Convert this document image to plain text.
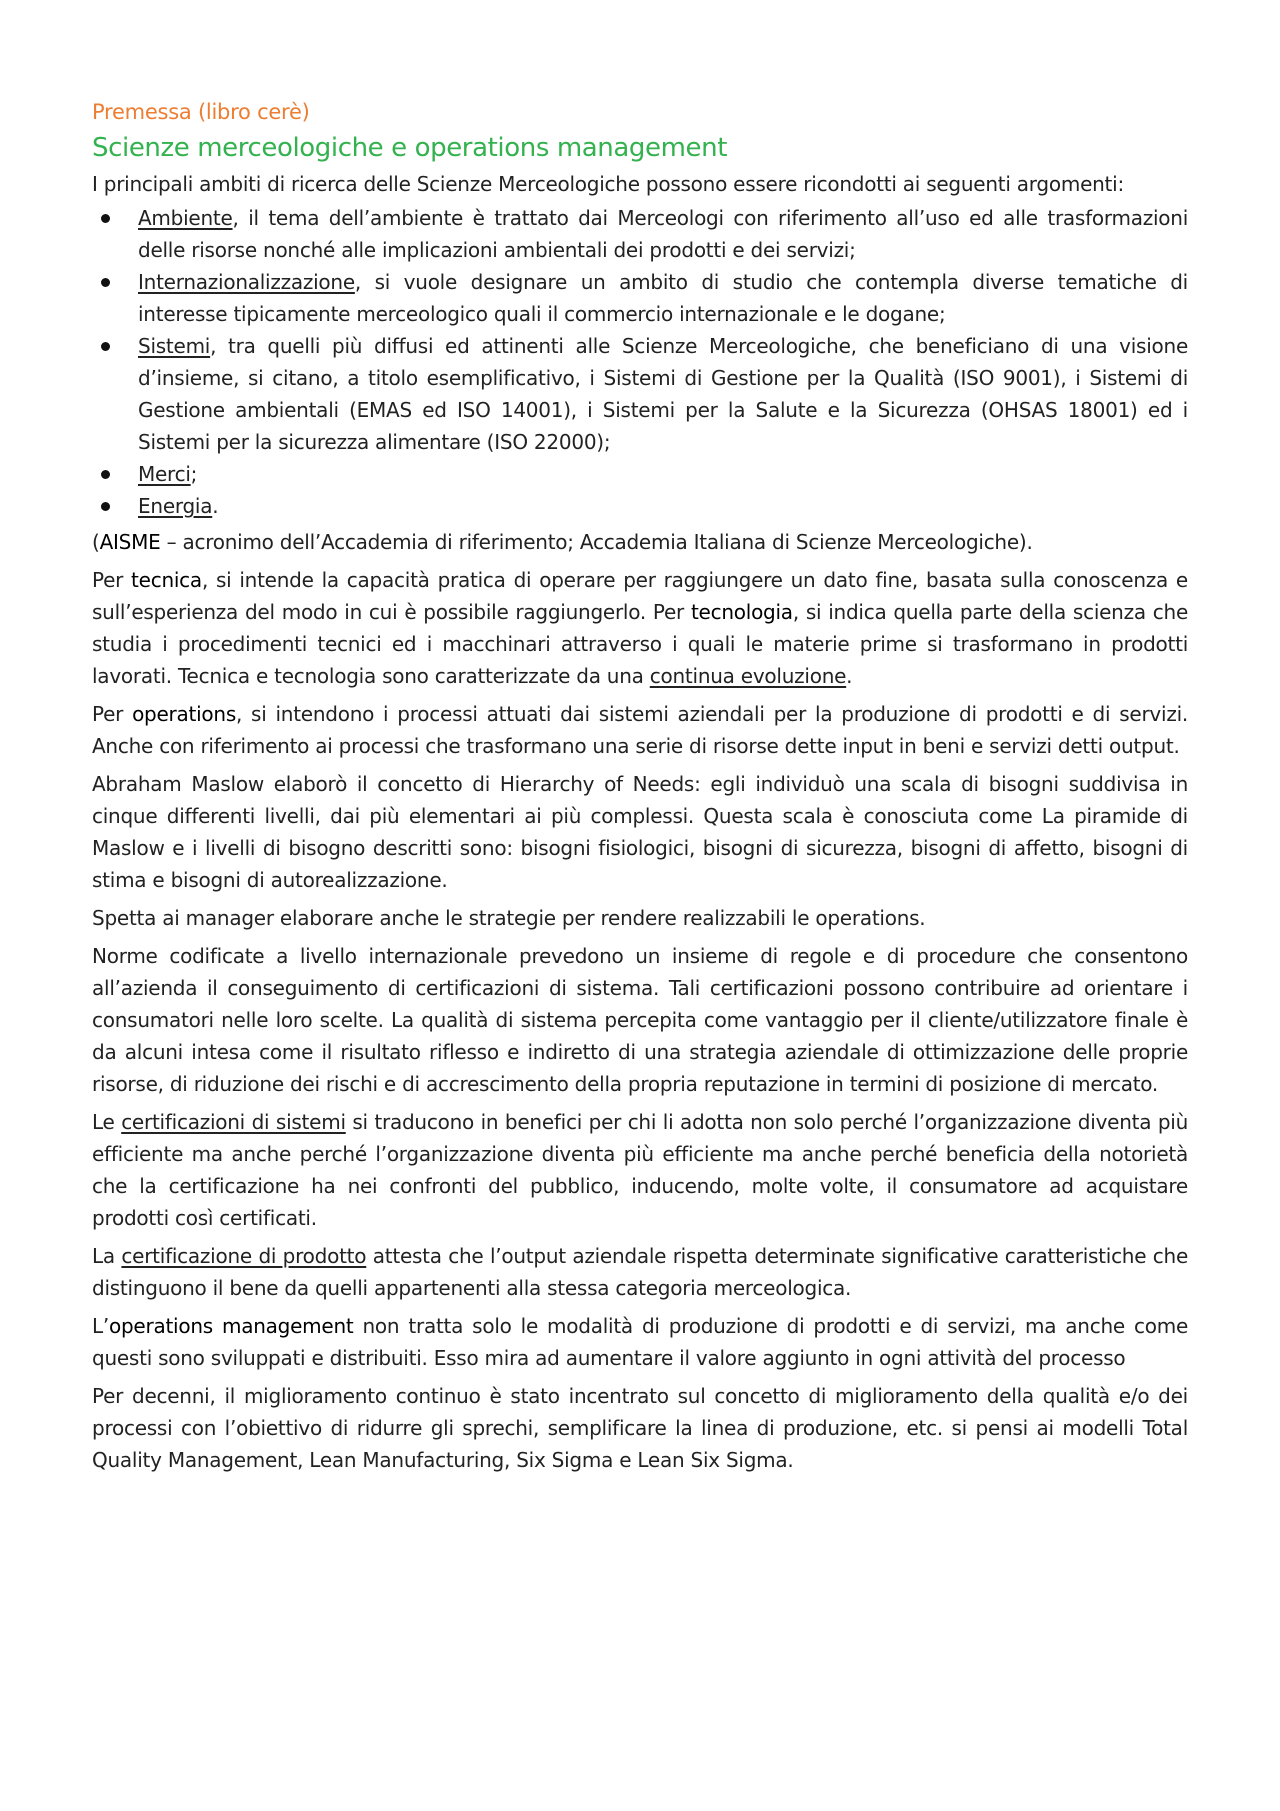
Premessa (libro cerè)
Scienze merceologiche e operations management

I principali ambiti di ricerca delle Scienze Merceologiche possono essere ricondotti ai seguenti argomenti:

Ambiente, il tema dell’ambiente è trattato dai Merceologi con riferimento all’uso ed alle trasformazioni delle risorse nonché alle implicazioni ambientali dei prodotti e dei servizi;
Internazionalizzazione, si vuole designare un ambito di studio che contempla diverse tematiche di interesse tipicamente merceologico quali il commercio internazionale e le dogane;
Sistemi, tra quelli più diffusi ed attinenti alle Scienze Merceologiche, che beneficiano di una visione d’insieme, si citano, a titolo esemplificativo, i Sistemi di Gestione per la Qualità (ISO 9001), i Sistemi di Gestione ambientali (EMAS ed ISO 14001), i Sistemi per la Salute e la Sicurezza (OHSAS 18001) ed i Sistemi per la sicurezza alimentare (ISO 22000);
Merci;
Energia.

(AISME – acronimo dell’Accademia di riferimento; Accademia Italiana di Scienze Merceologiche).

Per tecnica, si intende la capacità pratica di operare per raggiungere un dato fine, basata sulla conoscenza e sull’esperienza del modo in cui è possibile raggiungerlo. Per tecnologia, si indica quella parte della scienza che studia i procedimenti tecnici ed i macchinari attraverso i quali le materie prime si trasformano in prodotti lavorati. Tecnica e tecnologia sono caratterizzate da una continua evoluzione.

Per operations, si intendono i processi attuati dai sistemi aziendali per la produzione di prodotti e di servizi. Anche con riferimento ai processi che trasformano una serie di risorse dette input in beni e servizi detti output.

Abraham Maslow elaborò il concetto di Hierarchy of Needs: egli individuò una scala di bisogni suddivisa in cinque differenti livelli, dai più elementari ai più complessi. Questa scala è conosciuta come La piramide di Maslow e i livelli di bisogno descritti sono: bisogni fisiologici, bisogni di sicurezza, bisogni di affetto, bisogni di stima e bisogni di autorealizzazione.

Spetta ai manager elaborare anche le strategie per rendere realizzabili le operations.

Norme codificate a livello internazionale prevedono un insieme di regole e di procedure che consentono all’azienda il conseguimento di certificazioni di sistema. Tali certificazioni possono contribuire ad orientare i consumatori nelle loro scelte. La qualità di sistema percepita come vantaggio per il cliente/utilizzatore finale è da alcuni intesa come il risultato riflesso e indiretto di una strategia aziendale di ottimizzazione delle proprie risorse, di riduzione dei rischi e di accrescimento della propria reputazione in termini di posizione di mercato.

Le certificazioni di sistemi si traducono in benefici per chi li adotta non solo perché l’organizzazione diventa più efficiente ma anche perché l’organizzazione diventa più efficiente ma anche perché beneficia della notorietà che la certificazione ha nei confronti del pubblico, inducendo, molte volte, il consumatore ad acquistare prodotti così certificati.

La certificazione di prodotto attesta che l’output aziendale rispetta determinate significative caratteristiche che distinguono il bene da quelli appartenenti alla stessa categoria merceologica.

L’operations management non tratta solo le modalità di produzione di prodotti e di servizi, ma anche come questi sono sviluppati e distribuiti. Esso mira ad aumentare il valore aggiunto in ogni attività del processo

Per decenni, il miglioramento continuo è stato incentrato sul concetto di miglioramento della qualità e/o dei processi con l’obiettivo di ridurre gli sprechi, semplificare la linea di produzione, etc. si pensi ai modelli Total Quality Management, Lean Manufacturing, Six Sigma e Lean Six Sigma.
